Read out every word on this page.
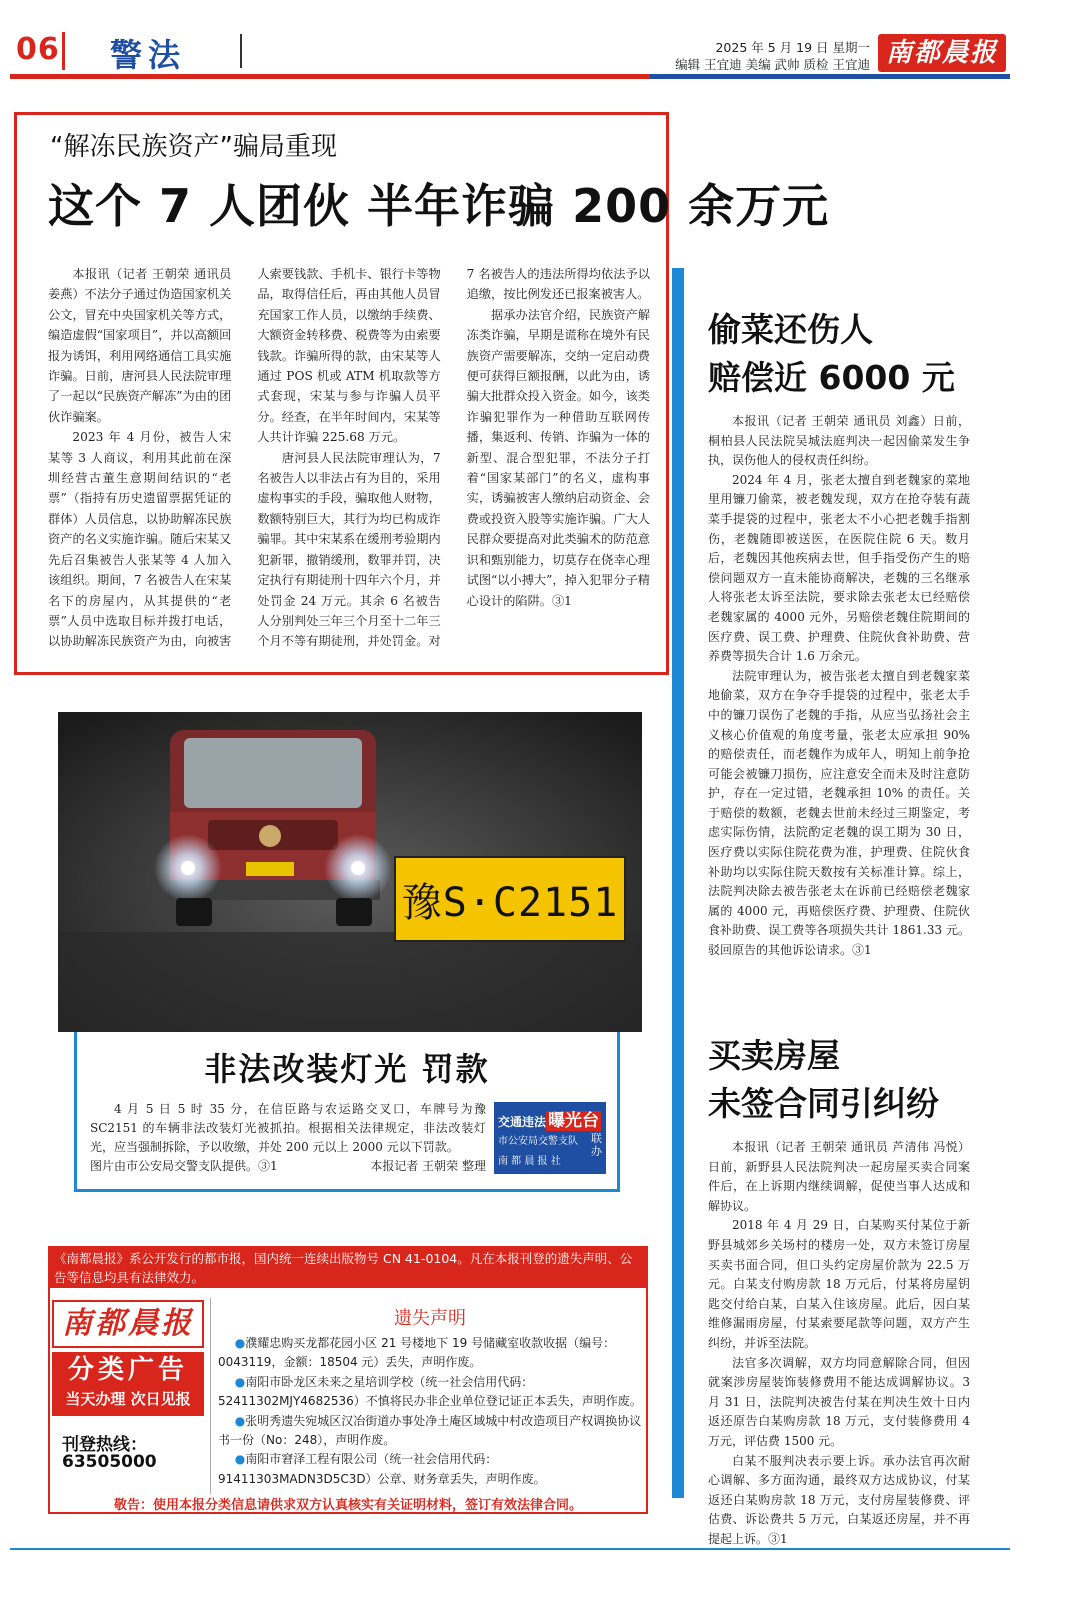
06 警法	2025 年 5 月 19 日 星期一
编辑 王宜迪 美编 武帅 质检 王宜迪 南都晨报
“解冻民族资产”骗局重现
这个 7 人团伙 半年诈骗 200 余万元

本报讯（记者 王朝荣 通讯员 姜燕）不法分子通过伪造国家机关公文，冒充中央国家机关等方式，编造虚假“国家项目”，并以高额回报为诱饵，利用网络通信工具实施诈骗。日前，唐河县人民法院审理了一起以“民族资产解冻”为由的团伙诈骗案。

2023 年 4 月份，被告人宋某等 3 人商议，利用其此前在深圳经营古董生意期间结识的“老票”（指持有历史遗留票据凭证的群体）人员信息，以协助解冻民族资产的名义实施诈骗。随后宋某又先后召集被告人张某等 4 人加入该组织。期间，7 名被告人在宋某名下的房屋内，从其提供的“老票”人员中选取目标并拨打电话，以协助解冻民族资产为由，向被害人索要钱款、手机卡、银行卡等物品，取得信任后，再由其他人员冒充国家工作人员，以缴纳手续费、大额资金转移费、税费等为由索要钱款。诈骗所得的款，由宋某等人通过 POS 机或 ATM 机取款等方式套现，宋某与参与诈骗人员平分。经查，在半年时间内，宋某等人共计诈骗 225.68 万元。

唐河县人民法院审理认为，7 名被告人以非法占有为目的，采用虚构事实的手段，骗取他人财物，数额特别巨大，其行为均已构成诈骗罪。其中宋某系在缓刑考验期内犯新罪，撤销缓刑，数罪并罚，决定执行有期徒刑十四年六个月，并处罚金 24 万元。其余 6 名被告人分别判处三年三个月至十二年三个月不等有期徒刑，并处罚金。对 7 名被告人的违法所得均依法予以追缴，按比例发还已报案被害人。

据承办法官介绍，民族资产解冻类诈骗，早期是谎称在境外有民族资产需要解冻，交纳一定启动费便可获得巨额报酬，以此为由，诱骗大批群众投入资金。如今，该类诈骗犯罪作为一种借助互联网传播，集返利、传销、诈骗为一体的新型、混合型犯罪，不法分子打着“国家某部门”的名义，虚构事实，诱骗被害人缴纳启动资金、会费或投资入股等实施诈骗。广大人民群众要提高对此类骗术的防范意识和甄别能力，切莫存在侥幸心理试图“以小搏大”，掉入犯罪分子精心设计的陷阱。③1

偷菜还伤人
赔偿近 6000 元

本报讯（记者 王朝荣 通讯员 刘鑫）日前，桐柏县人民法院吴城法庭判决一起因偷菜发生争执，误伤他人的侵权责任纠纷。

2024 年 4 月，张老太擅自到老魏家的菜地里用镰刀偷菜，被老魏发现，双方在抢夺装有蔬菜手提袋的过程中，张老太不小心把老魏手指割伤，老魏随即被送医，在医院住院 6 天。数月后，老魏因其他疾病去世，但手指受伤产生的赔偿问题双方一直未能协商解决，老魏的三名继承人将张老太诉至法院，要求除去张老太已经赔偿老魏家属的 4000 元外，另赔偿老魏住院期间的医疗费、误工费、护理费、住院伙食补助费、营养费等损失合计 1.6 万余元。

法院审理认为，被告张老太擅自到老魏家菜地偷菜，双方在争夺手提袋的过程中，张老太手中的镰刀误伤了老魏的手指，从应当弘扬社会主义核心价值观的角度考量，张老太应承担 90% 的赔偿责任，而老魏作为成年人，明知上前争抢可能会被镰刀损伤，应注意安全而未及时注意防护，存在一定过错，老魏承担 10% 的责任。关于赔偿的数额，老魏去世前未经过三期鉴定，考虑实际伤情，法院酌定老魏的误工期为 30 日，医疗费以实际住院花费为准，护理费、住院伙食补助均以实际住院天数按有关标准计算。综上，法院判决除去被告张老太在诉前已经赔偿老魏家属的 4000 元，再赔偿医疗费、护理费、住院伙食补助费、误工费等各项损失共计 1861.33 元。驳回原告的其他诉讼请求。③1

买卖房屋
未签合同引纠纷

本报讯（记者 王朝荣 通讯员 芦清伟 冯悦）日前，新野县人民法院判决一起房屋买卖合同案件后，在上诉期内继续调解，促使当事人达成和解协议。

2018 年 4 月 29 日，白某购买付某位于新野县城郊乡关场村的楼房一处，双方未签订房屋买卖书面合同，但口头约定房屋价款为 22.5 万元。白某支付购房款 18 万元后，付某将房屋钥匙交付给白某，白某入住该房屋。此后，因白某维修漏雨房屋，付某索要尾款等问题，双方产生纠纷，并诉至法院。

法官多次调解，双方均同意解除合同，但因就案涉房屋装饰装修费用不能达成调解协议。3 月 31 日，法院判决被告付某在判决生效十日内返还原告白某购房款 18 万元，支付装修费用 4 万元，评估费 1500 元。

白某不服判决表示要上诉。承办法官再次耐心调解、多方面沟通，最终双方达成协议，付某返还白某购房款 18 万元，支付房屋装修费、评估费、诉讼费共 5 万元，白某返还房屋，并不再提起上诉。③1

豫S·C2151
非法改装灯光 罚款

4 月 5 日 5 时 35 分，在信臣路与农运路交叉口，车牌号为豫 SC2151 的车辆非法改装灯光被抓拍。根据相关法律规定，非法改装灯光，应当强制拆除，予以收缴，并处 200 元以上 2000 元以下罚款。

图片由市公安局交警支队提供。③1	本报记者 王朝荣 整理
交通违法 曝光台
市公安局交警支队
南 都 晨 报 社
联办
《南都晨报》系公开发行的都市报，国内统一连续出版物号 CN 41-0104。凡在本报刊登的遗失声明、公告等信息均具有法律效力。
南都晨报
分类广告
当天办理 次日见报
刊登热线：
63505000
遗失声明

●濮耀忠购买龙都花园小区 21 号楼地下 19 号储藏室收款收据（编号：0043119，金额：18504 元）丢失，声明作废。

●南阳市卧龙区未来之星培训学校（统一社会信用代码：52411302MJY4682536）不慎将民办非企业单位登记证正本丢失，声明作废。

●张明秀遗失宛城区汉冶街道办事处净土庵区域城中村改造项目产权调换协议书一份（No：248），声明作废。

●南阳市窘泽工程有限公司（统一社会信用代码：91411303MADN3D5C3D）公章、财务章丢失，声明作废。

敬告：使用本报分类信息请供求双方认真核实有关证明材料，签订有效法律合同。
